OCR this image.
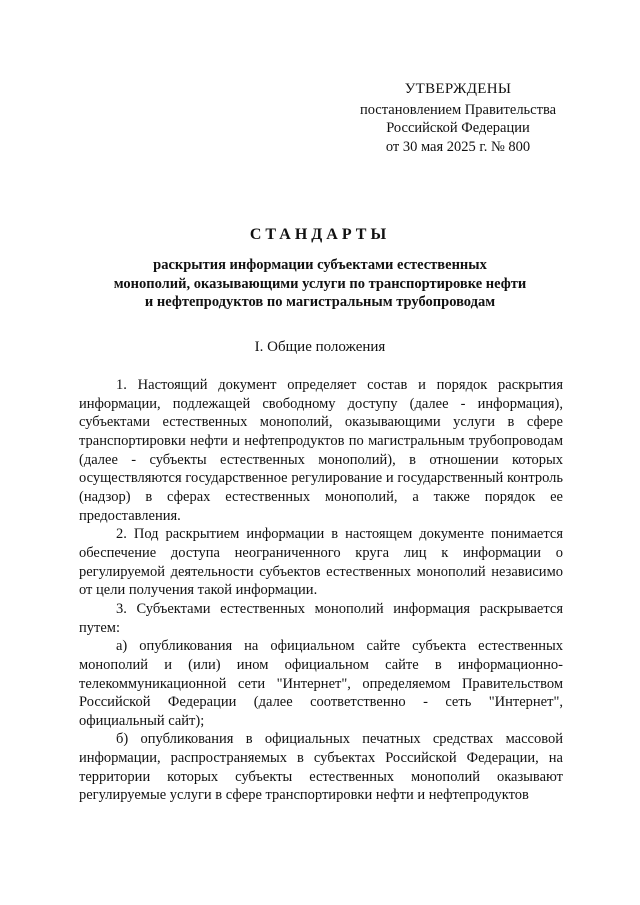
УТВЕРЖДЕНЫ
постановлением Правительства
Российской Федерации
от 30 мая 2025 г. № 800
СТАНДАРТЫ
раскрытия информации субъектами естественных
монополий, оказывающими услуги по транспортировке нефти
и нефтепродуктов по магистральным трубопроводам
I. Общие положения

1. Настоящий документ определяет состав и порядок раскрытия информации, подлежащей свободному доступу (далее - информация), субъектами естественных монополий, оказывающими услуги в сфере транспортировки нефти и нефтепродуктов по магистральным трубопроводам (далее - субъекты естественных монополий), в отношении которых осуществляются государственное регулирование и государственный контроль (надзор) в сферах естественных монополий, а также порядок ее предоставления.

2. Под раскрытием информации в настоящем документе понимается обеспечение доступа неограниченного круга лиц к информации о регулируемой деятельности субъектов естественных монополий независимо от цели получения такой информации.

3. Субъектами естественных монополий информация раскрывается путем:

а) опубликования на официальном сайте субъекта естественных монополий и (или) ином официальном сайте в информационно-телекоммуникационной сети "Интернет", определяемом Правительством Российской Федерации (далее соответственно - сеть "Интернет", официальный сайт);

б) опубликования в официальных печатных средствах массовой информации, распространяемых в субъектах Российской Федерации, на территории которых субъекты естественных монополий оказывают регулируемые услуги в сфере транспортировки нефти и нефтепродуктов
